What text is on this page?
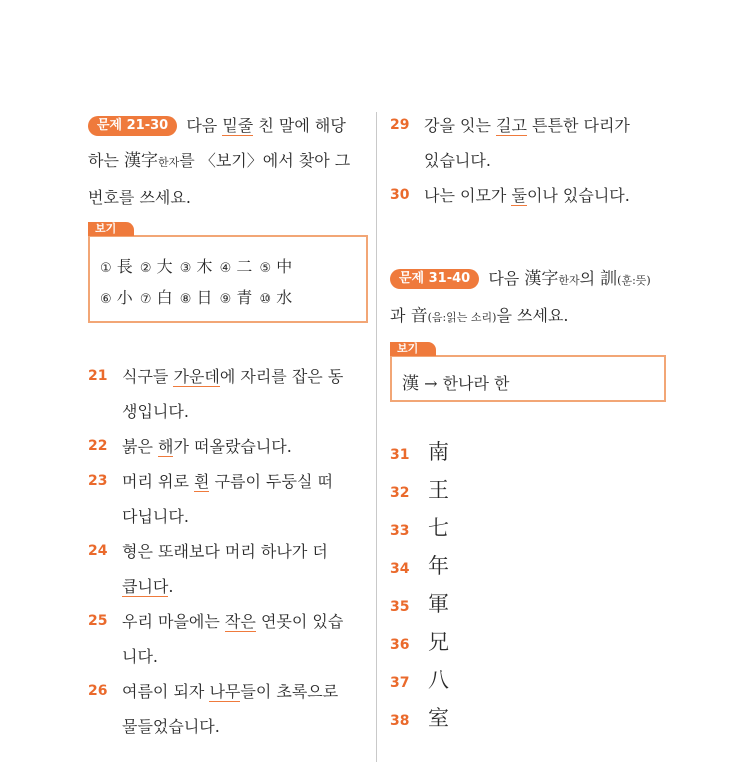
문제 21-30 다음 밑줄 친 말에 해당
하는 漢字한자를 〈보기〉에서 찾아 그
번호를 쓰세요.

보기
① 長 ② 大 ③ 木 ④ 二 ⑤ 中
⑥ 小 ⑦ 白 ⑧ 日 ⑨ 青 ⑩ 水
21 식구들 가운데에 자리를 잡은 동
생입니다.
22 붉은 해가 떠올랐습니다.
23 머리 위로 흰 구름이 두둥실 떠
다닙니다.
24 형은 또래보다 머리 하나가 더
큽니다.
25 우리 마을에는 작은 연못이 있습
니다.
26 여름이 되자 나무들이 초록으로
물들었습니다.
29 강을 잇는 길고 튼튼한 다리가
있습니다.
30 나는 이모가 둘이나 있습니다.

문제 31-40 다음 漢字한자의 訓(훈:뜻)
과 音(음:읽는 소리)을 쓰세요.

보기
漢 → 한나라 한
31 南
32 王
33 七
34 年
35 軍
36 兄
37 八
38 室
